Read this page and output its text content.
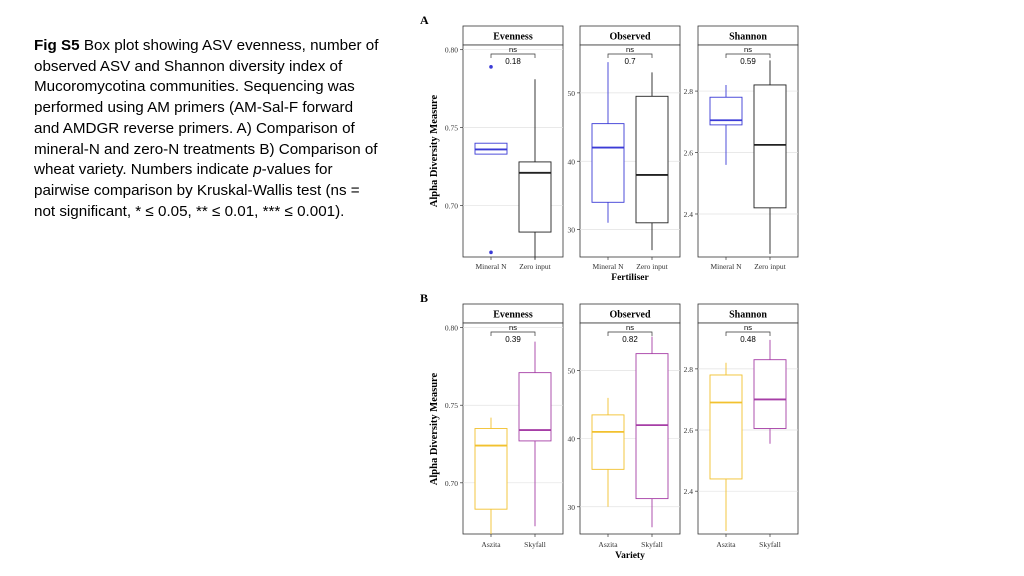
Fig S5 Box plot showing ASV evenness, number of observed ASV and Shannon diversity index of Mucoromycotina communities. Sequencing was performed using AM primers (AM-Sal-F forward and AMDGR reverse primers. A) Comparison of mineral-N and zero-N treatments B) Comparison of wheat variety. Numbers indicate p-values for pairwise comparison by Kruskal-Wallis test (ns = not significant, * ≤ 0.05, ** ≤ 0.01, *** ≤ 0.001).
A
Alpha Diversity Measure
Evenness
0.70
0.75
0.80	ns
0.18
Mineral N Zero input
Observed
30
40
50
ns
0.7
Mineral N Zero input
Shannon
2.4
2.6
2.8
ns
0.59
Mineral N Zero input
Fertiliser
B
Alpha Diversity Measure
Evenness
0.70
0.75
0.80	ns
0.39
Aszita	Skyfall
Observed
30
40
50
ns
0.82
Aszita	Skyfall
Shannon
2.4
2.6
2.8
ns
0.48
Aszita	Skyfall
Variety
